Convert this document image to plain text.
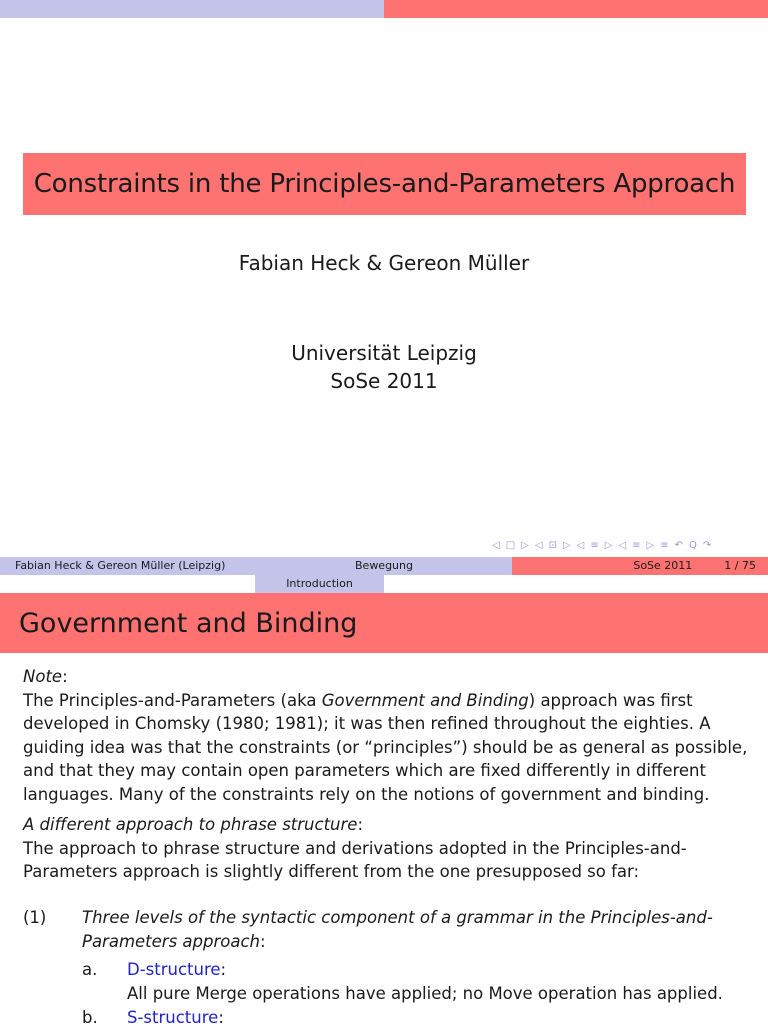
Constraints in the Principles-and-Parameters Approach
Fabian Heck & Gereon Müller
Universität Leipzig
SoSe 2011
◁ □ ▷ ◁ ⊡ ▷ ◁ ≡ ▷ ◁ ≡ ▷ ≡ ↶ Q ↷
Fabian Heck & Gereon Müller (Leipzig)	Bewegung	SoSe 2011	1 / 75
Introduction
Government and Binding

Note:
The Principles-and-Parameters (aka Government and Binding) approach was first developed in Chomsky (1980; 1981); it was then refined throughout the eighties. A guiding idea was that the constraints (or “principles”) should be as general as possible, and that they may contain open parameters which are fixed differently in different languages. Many of the constraints rely on the notions of government and binding.

A different approach to phrase structure:
The approach to phrase structure and derivations adopted in the Principles-and-Parameters approach is slightly different from the one presupposed so far:

(1)	Three levels of the syntactic component of a grammar in the Principles-and-Parameters approach:
a.	D-structure:
All pure Merge operations have applied; no Move operation has applied.
b.	S-structure:
